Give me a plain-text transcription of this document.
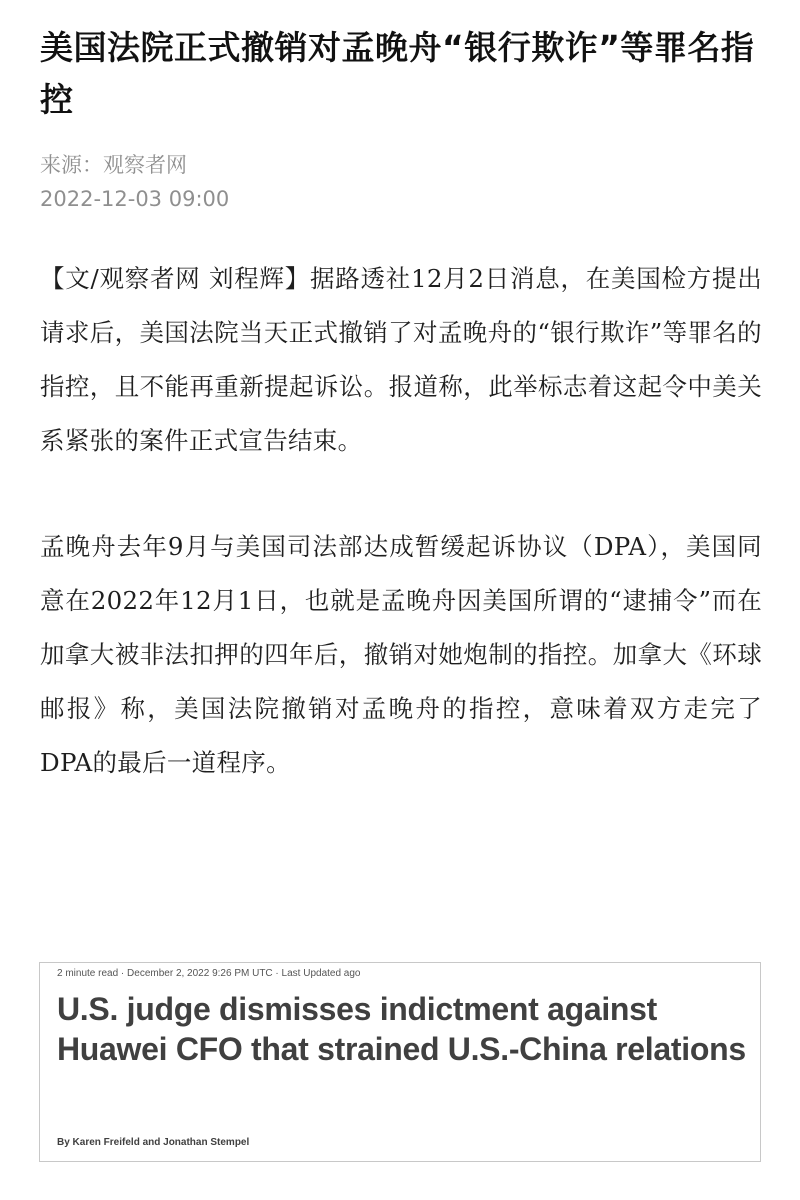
美国法院正式撤销对孟晚舟“银行欺诈”等罪名指控
来源：观察者网
2022-12-03 09:00

【文/观察者网 刘程辉】据路透社12月2日消息，在美国检方提出请求后，美国法院当天正式撤销了对孟晚舟的“银行欺诈”等罪名的指控，且不能再重新提起诉讼。报道称，此举标志着这起令中美关系紧张的案件正式宣告结束。

孟晚舟去年9月与美国司法部达成暂缓起诉协议（DPA），美国同意在2022年12月1日，也就是孟晚舟因美国所谓的“逮捕令”而在加拿大被非法扣押的四年后，撤销对她炮制的指控。加拿大《环球邮报》称，美国法院撤销对孟晚舟的指控，意味着双方走完了DPA的最后一道程序。

2 minute read · December 2, 2022 9:26 PM UTC · Last Updated ago
U.S. judge dismisses indictment against Huawei CFO that strained U.S.-China relations
By Karen Freifeld and Jonathan Stempel
